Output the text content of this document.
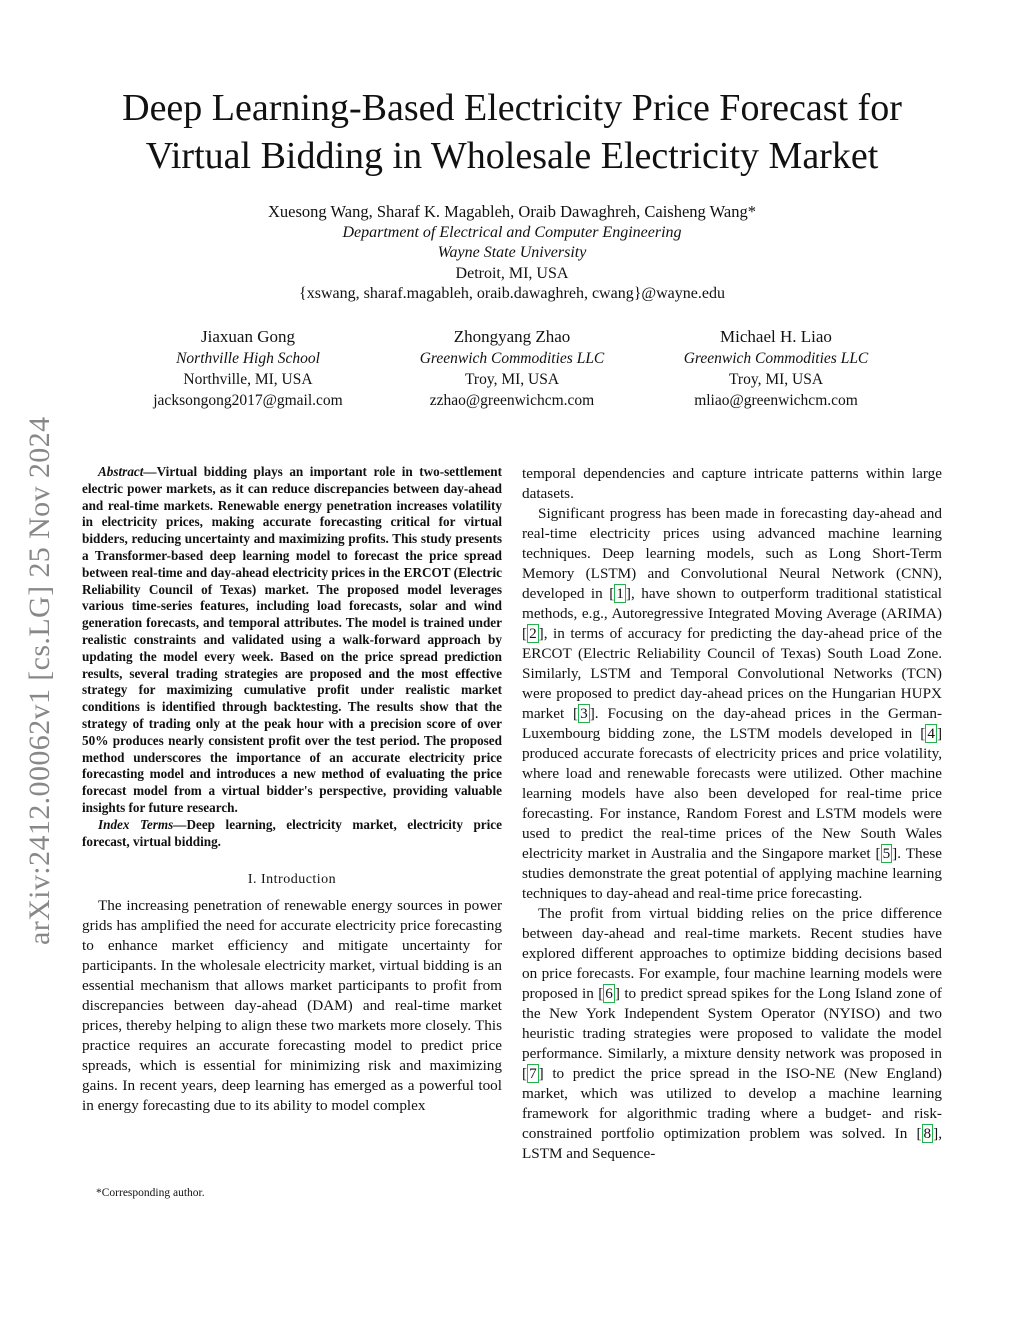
arXiv:2412.00062v1 [cs.LG] 25 Nov 2024
Deep Learning-Based Electricity Price Forecast for
Virtual Bidding in Wholesale Electricity Market
Xuesong Wang, Sharaf K. Magableh, Oraib Dawaghreh, Caisheng Wang*
Department of Electrical and Computer Engineering
Wayne State University
Detroit, MI, USA
{xswang, sharaf.magableh, oraib.dawaghreh, cwang}@wayne.edu
Jiaxuan Gong
Northville High School
Northville, MI, USA
jacksongong2017@gmail.com
Zhongyang Zhao
Greenwich Commodities LLC
Troy, MI, USA
zzhao@greenwichcm.com
Michael H. Liao
Greenwich Commodities LLC
Troy, MI, USA
mliao@greenwichcm.com

Abstract—Virtual bidding plays an important role in two-settlement electric power markets, as it can reduce discrepancies between day-ahead and real-time markets. Renewable energy penetration increases volatility in electricity prices, making accurate forecasting critical for virtual bidders, reducing uncertainty and maximizing profits. This study presents a Transformer-based deep learning model to forecast the price spread between real-time and day-ahead electricity prices in the ERCOT (Electric Reliability Council of Texas) market. The proposed model leverages various time-series features, including load forecasts, solar and wind generation forecasts, and temporal attributes. The model is trained under realistic constraints and validated using a walk-forward approach by updating the model every week. Based on the price spread prediction results, several trading strategies are proposed and the most effective strategy for maximizing cumulative profit under realistic market conditions is identified through backtesting. The results show that the strategy of trading only at the peak hour with a precision score of over 50% produces nearly consistent profit over the test period. The proposed method underscores the importance of an accurate electricity price forecasting model and introduces a new method of evaluating the price forecast model from a virtual bidder's perspective, providing valuable insights for future research.

Index Terms—Deep learning, electricity market, electricity price forecast, virtual bidding.

I. Introduction

The increasing penetration of renewable energy sources in power grids has amplified the need for accurate electricity price forecasting to enhance market efficiency and mitigate uncertainty for participants. In the wholesale electricity market, virtual bidding is an essential mechanism that allows market participants to profit from discrepancies between day-ahead (DAM) and real-time market prices, thereby helping to align these two markets more closely. This practice requires an accurate forecasting model to predict price spreads, which is essential for minimizing risk and maximizing gains. In recent years, deep learning has emerged as a powerful tool in energy forecasting due to its ability to model complex

*Corresponding author.

temporal dependencies and capture intricate patterns within large datasets.

Significant progress has been made in forecasting day-ahead and real-time electricity prices using advanced machine learning techniques. Deep learning models, such as Long Short-Term Memory (LSTM) and Convolutional Neural Network (CNN), developed in [ 1 ], have shown to outperform traditional statistical methods, e.g., Autoregressive Integrated Moving Average (ARIMA) [ 2 ], in terms of accuracy for predicting the day-ahead price of the ERCOT (Electric Reliability Council of Texas) South Load Zone. Similarly, LSTM and Temporal Convolutional Networks (TCN) were proposed to predict day-ahead prices on the Hungarian HUPX market [ 3 ]. Focusing on the day-ahead prices in the German-Luxembourg bidding zone, the LSTM models developed in [ 4 ] produced accurate forecasts of electricity prices and price volatility, where load and renewable forecasts were utilized. Other machine learning models have also been developed for real-time price forecasting. For instance, Random Forest and LSTM models were used to predict the real-time prices of the New South Wales electricity market in Australia and the Singapore market [ 5 ]. These studies demonstrate the great potential of applying machine learning techniques to day-ahead and real-time price forecasting.

The profit from virtual bidding relies on the price difference between day-ahead and real-time markets. Recent studies have explored different approaches to optimize bidding decisions based on price forecasts. For example, four machine learning models were proposed in [ 6 ] to predict spread spikes for the Long Island zone of the New York Independent System Operator (NYISO) and two heuristic trading strategies were proposed to validate the model performance. Similarly, a mixture density network was proposed in [ 7 ] to predict the price spread in the ISO-NE (New England) market, which was utilized to develop a machine learning framework for algorithmic trading where a budget- and risk-constrained portfolio optimization problem was solved. In [ 8 ], LSTM and Sequence-
